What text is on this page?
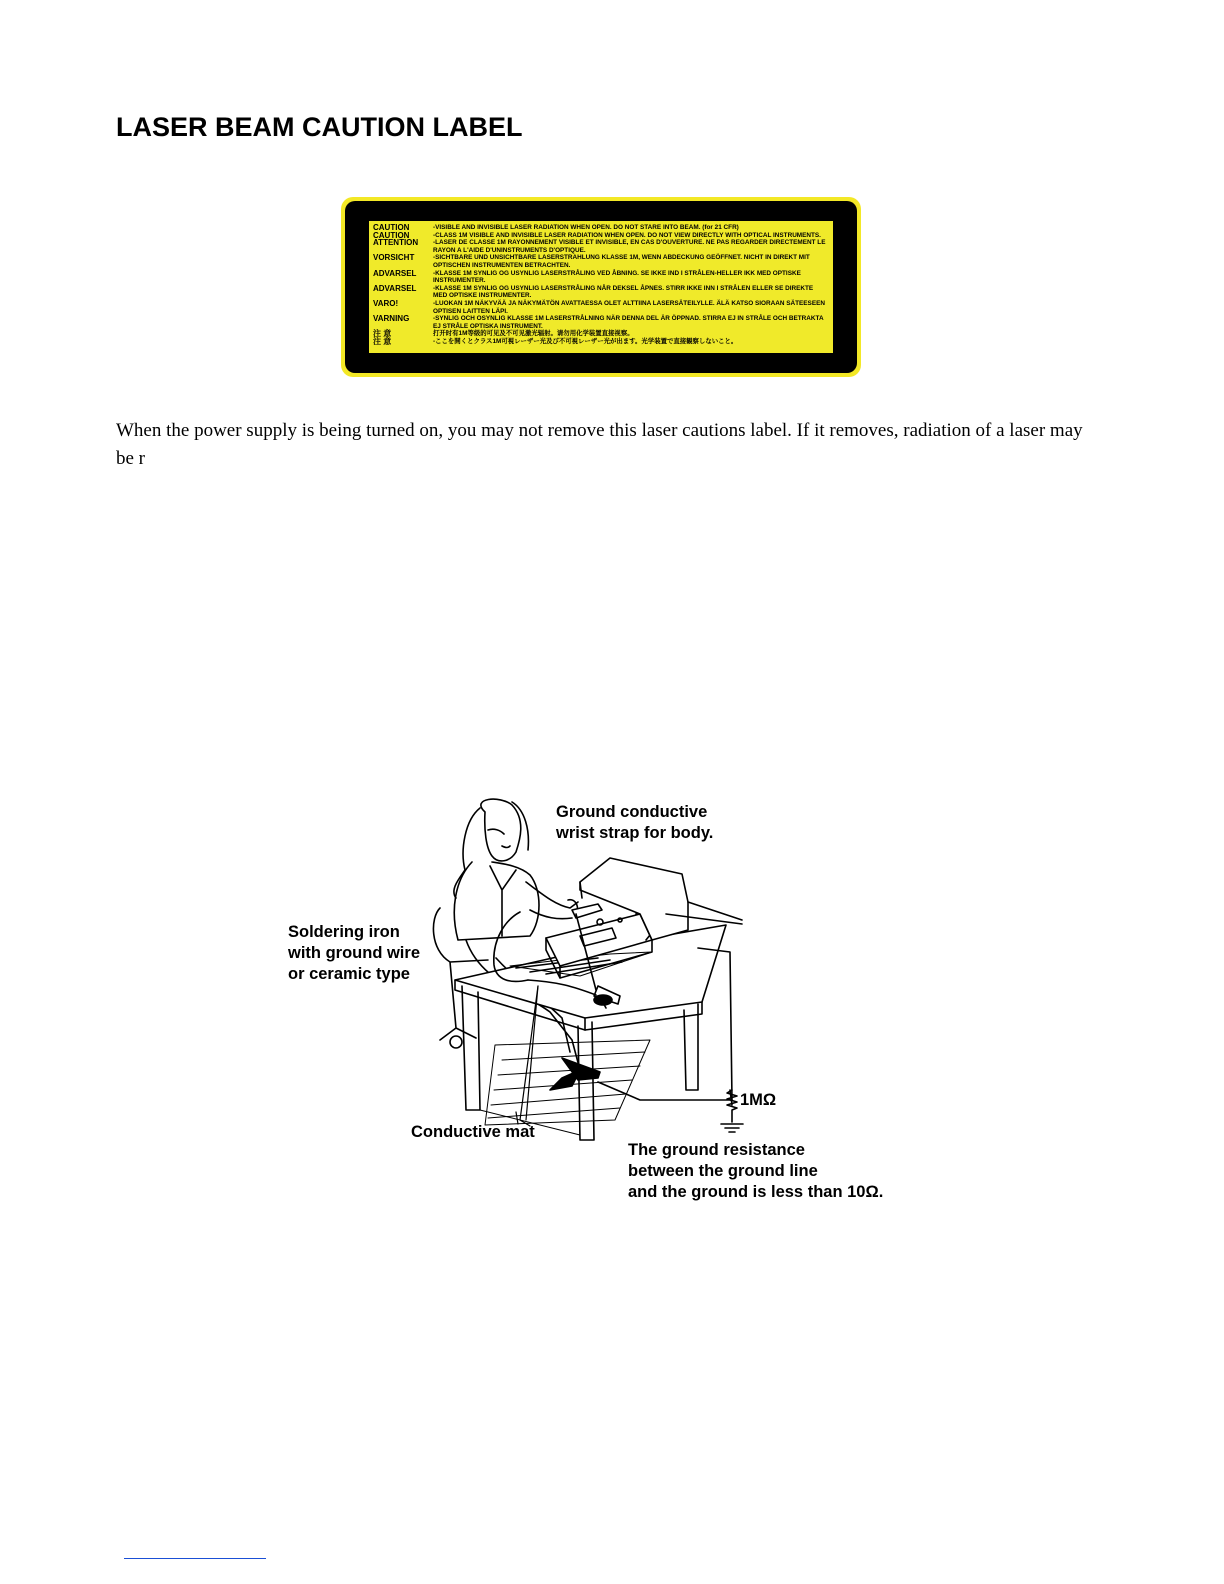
LASER BEAM CAUTION LABEL
CAUTION	-VISIBLE AND INVISIBLE LASER RADIATION WHEN OPEN. DO NOT STARE INTO BEAM. (for 21 CFR)
CAUTION	-CLASS 1M VISIBLE AND INVISIBLE LASER RADIATION WHEN OPEN. DO NOT VIEW DIRECTLY WITH OPTICAL INSTRUMENTS.
ATTENTION	-LASER DE CLASSE 1M RAYONNEMENT VISIBLE ET INVISIBLE, EN CAS D'OUVERTURE. NE PAS REGARDER DIRECTEMENT LE RAYON A L'AIDE D'UNINSTRUMENTS D'OPTIQUE.
VORSICHT	-SICHTBARE UND UNSICHTBARE LASERSTRAHLUNG KLASSE 1M, WENN ABDECKUNG GEÖFFNET. NICHT IN DIREKT MIT OPTISCHEN INSTRUMENTEN BETRACHTEN.
ADVARSEL	-KLASSE 1M SYNLIG OG USYNLIG LASERSTRÅLING VED ÅBNING. SE IKKE IND I STRÅLEN-HELLER IKK MED OPTISKE INSTRUMENTER.
ADVARSEL	-KLASSE 1M SYNLIG OG USYNLIG LASERSTRÅLING NÅR DEKSEL ÅPNES. STIRR IKKE INN I STRÅLEN ELLER SE DIREKTE MED OPTISKE INSTRUMENTER.
VARO!	-LUOKAN 1M NÄKYVÄÄ JA NÄKYMÄTÖN AVATTAESSA OLET ALTTIINA LASERSÄTEILYLLE. ÄLÄ KATSO SIORAAN SÄTEESEEN OPTISEN LAITTEN LÄPI.
VARNING	-SYNLIG OCH OSYNLIG KLASSE 1M LASERSTRÅLNING NÄR DENNA DEL ÄR ÖPPNAD. STIRRA EJ IN STRÅLE OCH BETRAKTA EJ STRÅLE OPTISKA INSTRUMENT.
注 意	打开时有1M等级的可见及不可见激光辐射。请勿用化学装置直接视察。
注 意	-ここを開くとクラス1M可視レーザー光及び不可視レーザー光が出ます。光学装置で直接観察しないこと。

When the power supply is being turned on, you may not remove this laser cautions label. If it removes, radiation of a laser may be r

Ground conductive
wrist strap for body.

Soldering iron
with ground wire
or ceramic type

1MΩ

Conductive mat

The ground resistance
between the ground line
and the ground is less than 10Ω.
